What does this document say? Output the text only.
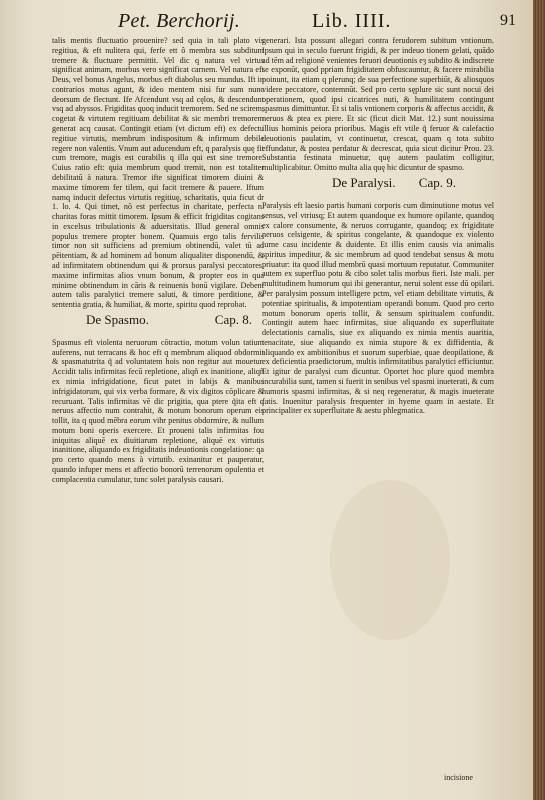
Pet. Berchorij.	Lib. IIII.	91

talis mentis fluctuatio prouenire? sed quia in tali plato vis regitiua, & eft nulitera qui, ferfe ett ô membra sus subditum tremere & fluctuare permittit. Vel dic q natura vel virtus significat animam, morbus vero significat carnem. Vel natura eft Deus, vel bonus Angelus, morbus eft diabolus seu mundus. Ift in contrarios motus agunt, & ideo mentem nisi fur sum nunc deorsum de flectunt. Ife Afcendunt vsq ad cęlos, & descendunt vsq ad abyssos. Frigiditas quoq inducit tremorem. Sed ne scirem, cogetat & virtutem regitiuam debilitat & sic membri tremorem generat acq causat. Contingit etiam (vt dictum eft) ex defectu regitiue virtutis, membrum indispositum & infirmum debile regere non valentis. Vnum aut aducendum eft, q paralysis quę fit cum tremore, magis est curabilis q illa qui est sine tremore. Cuius ratio eft: quia membrum quod tremit, non est totaliter debilitatū à natura. Tremor ifte significat timorem diuini & maxime timorem fer tilem, qui facit tremere & pauere. Iftum namq inducit defectus virtutis regitiuę, scharitatis, quia ficut dr 1. lo. 4. Qui timet, nō est perfectus in charitate, perfecta n. charitas foras mittit timorem. Ipsum & efficit frigiditas cogitans in excelsus tribulationis & aduersitatis. Illud general omnis populus tremere propter bonem. Quamuis ergo talis fervilis timor non sit sufficiens ad premium obtinendū, valet tū ad pēitentiam, & ad hominem ad bonum aliqualiter disponendū, & ad infirmitatem obtinendum qui & prorsus paralysi peccatores, maxime infirmitas alios vnum bonum, & propter eos in qua minime obtinendum in cāris & reinuenis bonū vigilare. Debent autem talis paralytici tremere saluti, & timore perditione, & sententia gratia, & humiliat, & morte, spiritu quod reprobat.

De Spasmo.	Cap. 8.

Spasmus eft violenta neruorum cōtractio, motum volun tatium auferens, nut terracans & hoc eft q membrum aliquod obdormit & spasmatutrita q̃ ad voluntatem hois non regitur aut mouetur. Accidit talis infirmitas fecū repletione, aliqñ ex inanitione, aliqñ ex nimia infrigidatione, ficut patet in labijs & manibus infrigidatorum, qui vix verba formare, & vix digitos cōplicare & recuruant. Talis infirmitas vē dic prigitia, qua ptere q̃ita eft q neruos affectio num contrahit, & motum bonorum operum eis tollit, ita q quod mēbra eorum vihr penitus obdormire, & nullum motum boni operis exercere. Et proueni talis infirmitas fou iniquitas aliquē ex diuitiarum repletione, aliquē ex virtutis inanitione, aliquando ex frigiditatis indeuotionis congelatione: qa pro certo quando mens à virtutib. exinanitur et pauperatur, quando infuper mens et affectio bonorū terrenorum opulentia et complacentia cumulatur, tunc solet paralysis causari.

generari. Ista possunt allegari contra ferudorem subitum vntionum. Ipsum qui in seculo fuerunt frigidi, & per indeuo tionem gelati, quādo ad tēm ad religionē venientes feruori deuotionis eȝ subdito & indiscrete se exponūt, quod ppriam frigiditatem obfuscauntur, & facere mirabilia poinunt, ita etiam q plerunq; de sua perfectione superbiūt, & aliosquos videre peccatore, contemnūt. Sed pro certo sęplure sic sunt nocui dei operationem, quod ipsi cicatrices nuti, & humilitatem contingunt spasmus dimittuntur. Et si talis vntionem corporis & affectus accidit, & neruos & ptea ex ptere. Et sic (ficut dicit Mat. 12.) sunt nouissima illius hominis peiora prioribus. Magis eft vtile q̃ feruor & calefactio deuotionis paulatim, vt continuetur, crescat, quam q tota subito effundatur, & postea perdatur & decrescat, quia sicut dicitur Prou. 23. Substantia festinata minuetur, quę autem paulatim colligitur, multiplicabitur. Omitto multa alia quę hic dicuntur de spasmo.

De Paralysi. Cap. 9.

Paralysis eft laesio partis humani corporis cum diminutione motus vel sensus, vel vtriusq; Et autem quandoque ex humore opilante, quandoq ex calore consumente, & neruos corrugante, quandoq; ex frigiditate neruos celsigente, & spiritus congelante, & quandoque ex violento iurne casu incidente & duidente. Et illis enim causis via animalis spiritus impeditur, & sic membrum ad quod tendebat sensus & motu priuatur: ita quod illud membrū quasi mortuum reputatur. Communiter autem ex superfluo potu & cibo solet talis morbus fieri. Iste mali. per multitudinem humorum qui ibi generantur, nerui solent esse dū opilari. Per paralysim possum intelligere pctm, vel etiam debilitate virtutis, & potentiae spiritualis, & impotentiam operandi bonum. Quod pro certo motum bonorum operis tollit, & sensum spiritualem confundit. Contingit autem haec infirmitas, siue aliquando ex superfluitate delectationis carnalis, siue ex aliquando ex nimia mentis auaritia, tenacitate, siue aliquando ex nimia stupore & ex diffidentia, & aliquando ex ambitionibus et suorum superbiae, quae deopilatione, & ex deficientia praedictorum, multis infirmitatibus paralytici efficiuntur. Et igitur de paralysi cum dicuntur. Oportet hoc plure quod membra incurabilia sunt, tamen si fuerit in senibus vel spasmi inueterati, & cum humoris spasmi infirmitas, & si neq regeneratur, & magis inueterate fatis. Inuenitur paralysis frequenter in hyeme quam in aestate. Et principaliter ex superfluitate & aestu phlegmatica.

incisione
